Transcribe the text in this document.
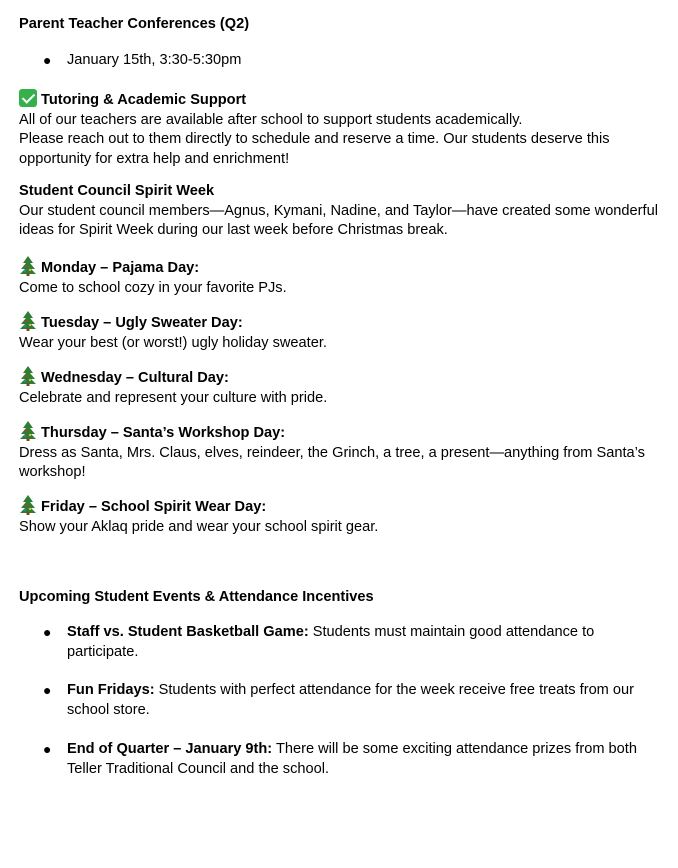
Parent Teacher Conferences (Q2)
● January 15th, 3:30-5:30pm
Tutoring & Academic Support
All of our teachers are available after school to support students academically.
Please reach out to them directly to schedule and reserve a time. Our students deserve this opportunity for extra help and enrichment!
Student Council Spirit Week
Our student council members—Agnus, Kymani, Nadine, and Taylor—have created some wonderful ideas for Spirit Week during our last week before Christmas break.
Monday – Pajama Day:
Come to school cozy in your favorite PJs.
Tuesday – Ugly Sweater Day:
Wear your best (or worst!) ugly holiday sweater.
Wednesday – Cultural Day:
Celebrate and represent your culture with pride.
Thursday – Santa’s Workshop Day:
Dress as Santa, Mrs. Claus, elves, reindeer, the Grinch, a tree, a present—anything from Santa’s workshop!
Friday – School Spirit Wear Day:
Show your Aklaq pride and wear your school spirit gear.
Upcoming Student Events & Attendance Incentives
● Staff vs. Student Basketball Game: Students must maintain good attendance to participate.
● Fun Fridays: Students with perfect attendance for the week receive free treats from our school store.
● End of Quarter – January 9th: There will be some exciting attendance prizes from both Teller Traditional Council and the school.
